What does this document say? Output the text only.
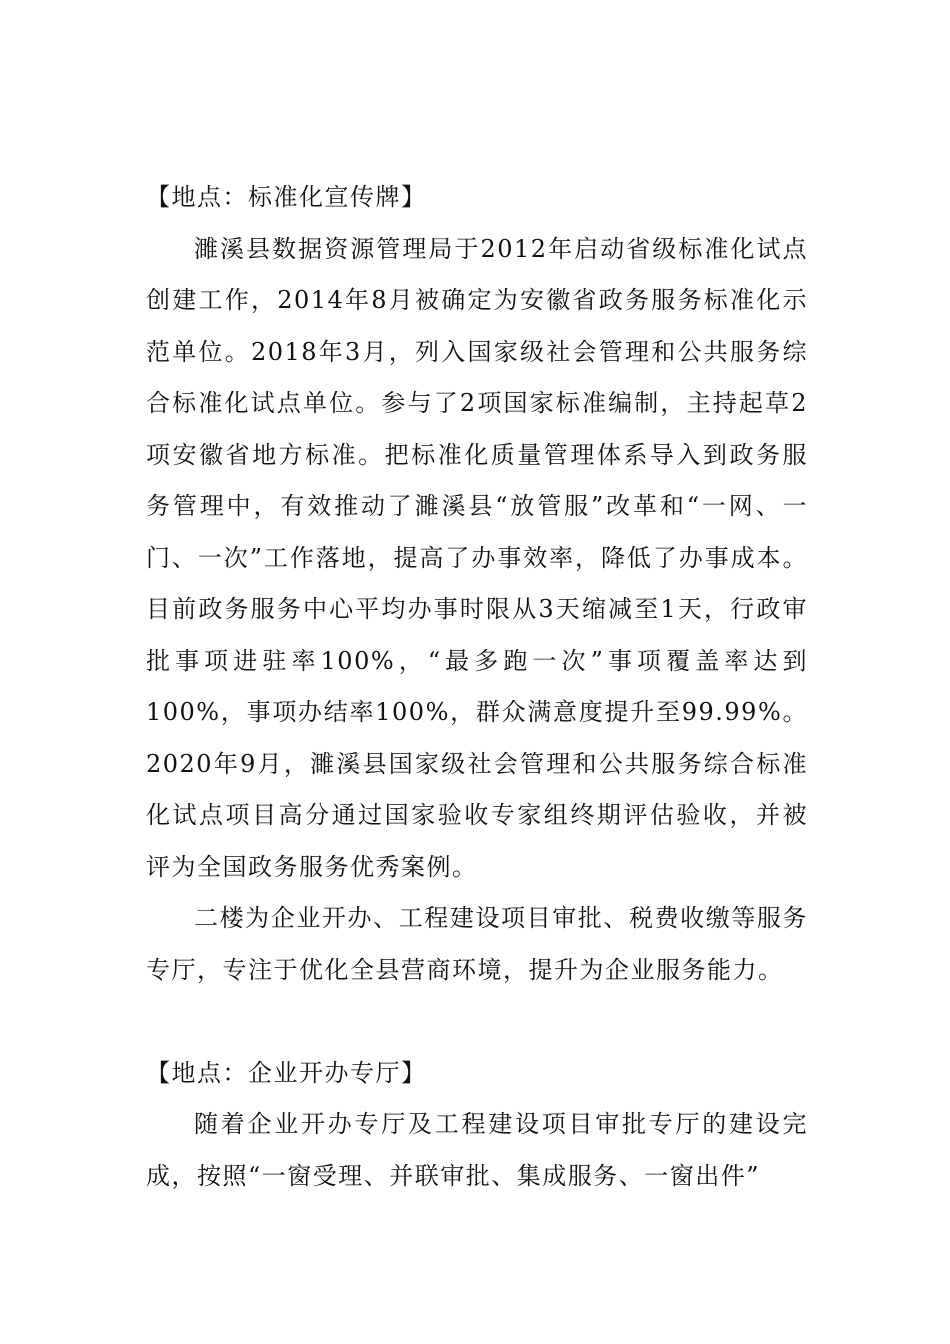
【地点：标准化宣传牌】

濉溪县数据资源管理局于2012年启动省级标准化试点创建工作，2014年8月被确定为安徽省政务服务标准化示范单位。2018年3月，列入国家级社会管理和公共服务综合标准化试点单位。参与了2项国家标准编制，主持起草2项安徽省地方标准。把标准化质量管理体系导入到政务服务管理中，有效推动了濉溪县“放管服”改革和“一网、一门、一次”工作落地，提高了办事效率，降低了办事成本。目前政务服务中心平均办事时限从3天缩减至1天，行政审批事项进驻率100%，“最多跑一次”事项覆盖率达到100%，事项办结率100%，群众满意度提升至99.99%。2020年9月，濉溪县国家级社会管理和公共服务综合标准化试点项目高分通过国家验收专家组终期评估验收，并被评为全国政务服务优秀案例。

二楼为企业开办、工程建设项目审批、税费收缴等服务专厅，专注于优化全县营商环境，提升为企业服务能力。

【地点：企业开办专厅】

随着企业开办专厅及工程建设项目审批专厅的建设完成，按照“一窗受理、并联审批、集成服务、一窗出件”
